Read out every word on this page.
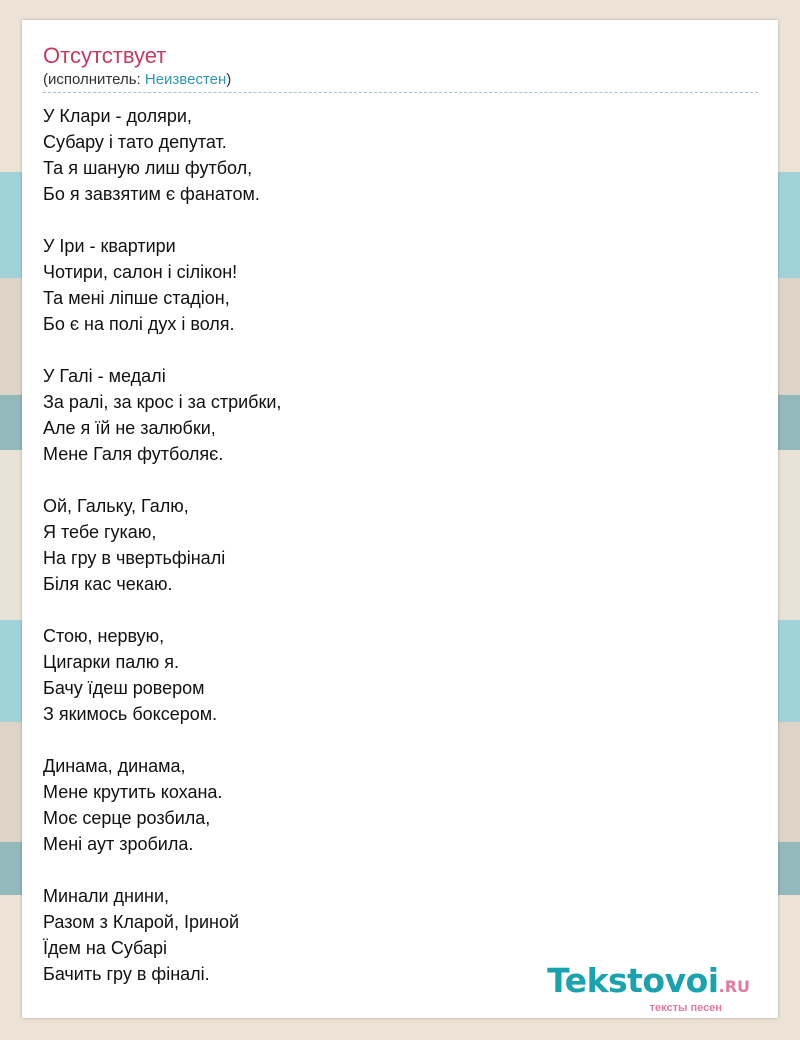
Отсутствует
(исполнитель: Неизвестен)
У Клари - доляри,
Субару і тато депутат.
Та я шаную лиш футбол,
Бо я завзятим є фанатом.
У Іри - квартири
Чотири, салон і сілікон!
Та мені ліпше стадіон,
Бо є на полі дух і воля.
У Галі - медалі
За ралі, за крос і за стрибки,
Але я їй не залюбки,
Мене Галя футболяє.
Ой, Гальку, Галю,
Я тебе гукаю,
На гру в чвертьфіналі
Біля кас чекаю.
Стою, нервую,
Цигарки палю я.
Бачу їдеш ровером
З якимось боксером.
Динама, динама,
Мене крутить кохана.
Моє серце розбила,
Мені аут зробила.
Минали днини,
Разом з Кларой, Іриной
Їдем на Субарі
Бачить гру в фіналі.	Tekstovoi.RU
тексты песен
